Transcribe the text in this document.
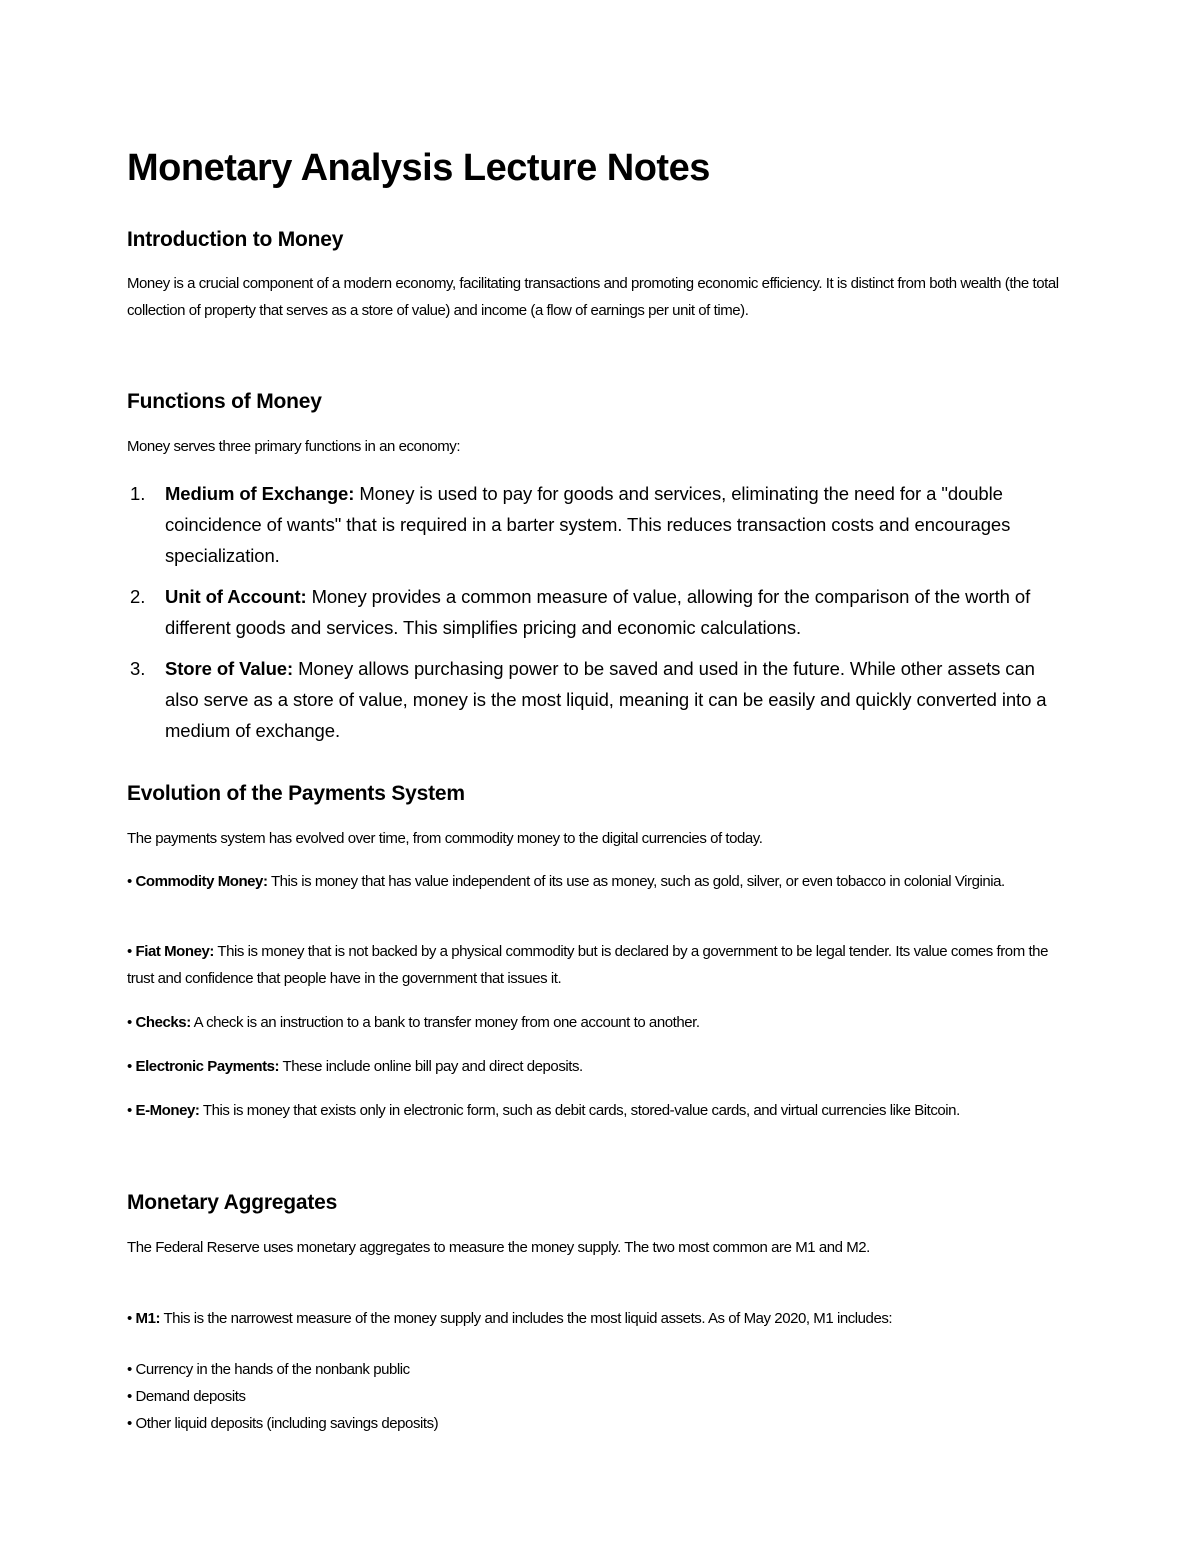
Monetary Analysis Lecture Notes
Introduction to Money

Money is a crucial component of a modern economy, facilitating transactions and promoting economic efficiency. It is distinct from both wealth (the total collection of property that serves as a store of value) and income (a flow of earnings per unit of time).

Functions of Money

Money serves three primary functions in an economy:

1. Medium of Exchange: Money is used to pay for goods and services, eliminating the need for a "double coincidence of wants" that is required in a barter system. This reduces transaction costs and encourages specialization.
2. Unit of Account: Money provides a common measure of value, allowing for the comparison of the worth of different goods and services. This simplifies pricing and economic calculations.
3. Store of Value: Money allows purchasing power to be saved and used in the future. While other assets can also serve as a store of value, money is the most liquid, meaning it can be easily and quickly converted into a medium of exchange.
Evolution of the Payments System

The payments system has evolved over time, from commodity money to the digital currencies of today.

• Commodity Money: This is money that has value independent of its use as money, such as gold, silver, or even tobacco in colonial Virginia.

• Fiat Money: This is money that is not backed by a physical commodity but is declared by a government to be legal tender. Its value comes from the trust and confidence that people have in the government that issues it.

• Checks: A check is an instruction to a bank to transfer money from one account to another.

• Electronic Payments: These include online bill pay and direct deposits.

• E-Money: This is money that exists only in electronic form, such as debit cards, stored-value cards, and virtual currencies like Bitcoin.

Monetary Aggregates

The Federal Reserve uses monetary aggregates to measure the money supply. The two most common are M1 and M2.

• M1: This is the narrowest measure of the money supply and includes the most liquid assets. As of May 2020, M1 includes:

• Currency in the hands of the nonbank public
• Demand deposits
• Other liquid deposits (including savings deposits)
